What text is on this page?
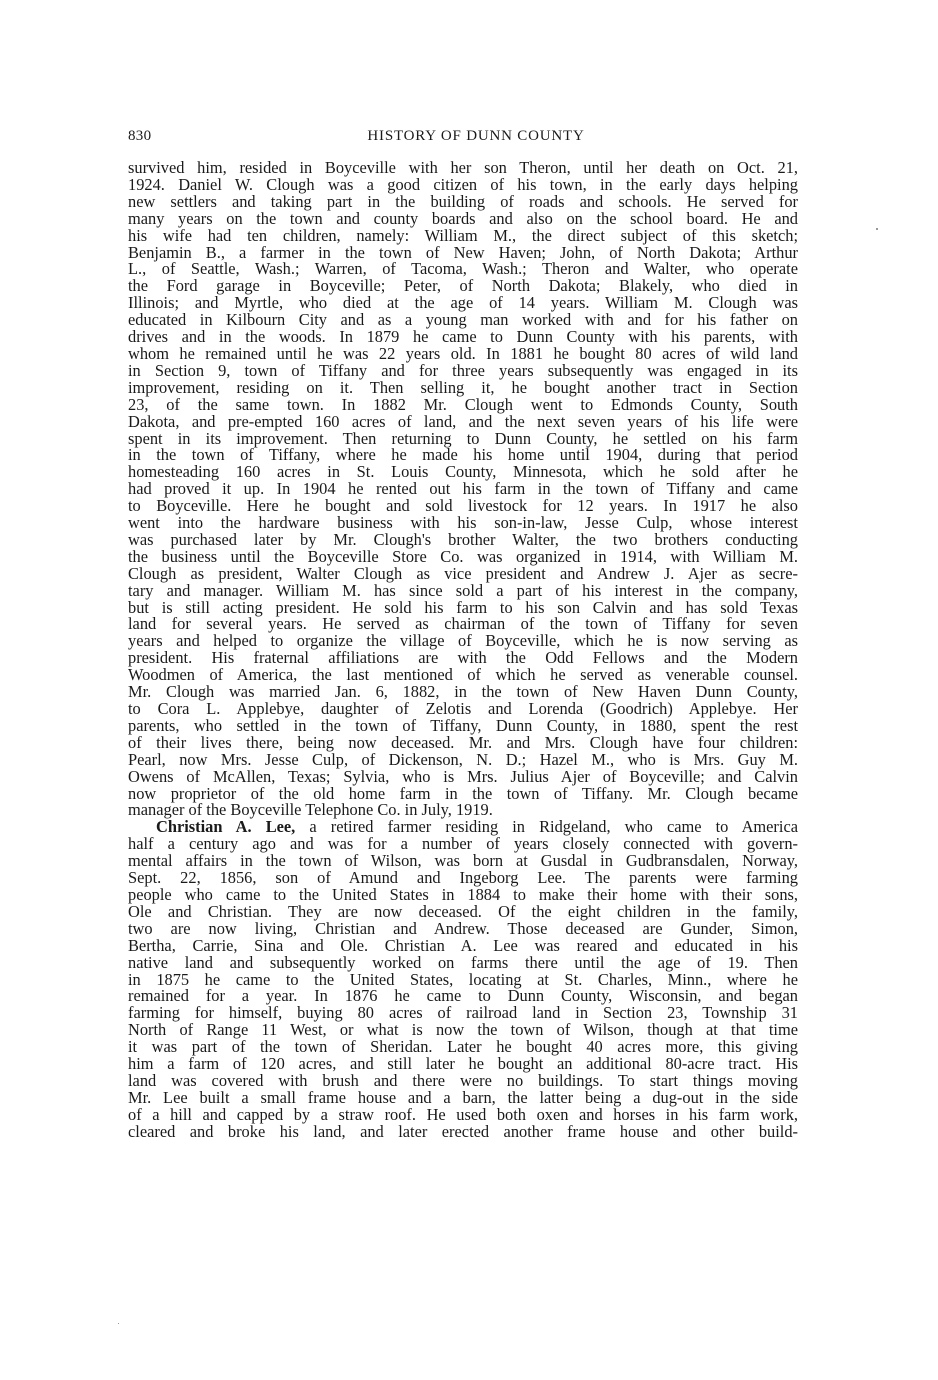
830	HISTORY OF DUNN COUNTY
survived him, resided in Boyceville with her son Theron, until her death on Oct. 21,
1924. Daniel W. Clough was a good citizen of his town, in the early days helping
new settlers and taking part in the building of roads and schools. He served for
many years on the town and county boards and also on the school board. He and
his wife had ten children, namely: William M., the direct subject of this sketch;
Benjamin B., a farmer in the town of New Haven; John, of North Dakota; Arthur
L., of Seattle, Wash.; Warren, of Tacoma, Wash.; Theron and Walter, who operate
the Ford garage in Boyceville; Peter, of North Dakota; Blakely, who died in
Illinois; and Myrtle, who died at the age of 14 years. William M. Clough was
educated in Kilbourn City and as a young man worked with and for his father on
drives and in the woods. In 1879 he came to Dunn County with his parents, with
whom he remained until he was 22 years old. In 1881 he bought 80 acres of wild land
in Section 9, town of Tiffany and for three years subsequently was engaged in its
improvement, residing on it. Then selling it, he bought another tract in Section
23, of the same town. In 1882 Mr. Clough went to Edmonds County, South
Dakota, and pre-empted 160 acres of land, and the next seven years of his life were
spent in its improvement. Then returning to Dunn County, he settled on his farm
in the town of Tiffany, where he made his home until 1904, during that period
homesteading 160 acres in St. Louis County, Minnesota, which he sold after he
had proved it up. In 1904 he rented out his farm in the town of Tiffany and came
to Boyceville. Here he bought and sold livestock for 12 years. In 1917 he also
went into the hardware business with his son-in-law, Jesse Culp, whose interest
was purchased later by Mr. Clough's brother Walter, the two brothers conducting
the business until the Boyceville Store Co. was organized in 1914, with William M.
Clough as president, Walter Clough as vice president and Andrew J. Ajer as secre-
tary and manager. William M. has since sold a part of his interest in the company,
but is still acting president. He sold his farm to his son Calvin and has sold Texas
land for several years. He served as chairman of the town of Tiffany for seven
years and helped to organize the village of Boyceville, which he is now serving as
president. His fraternal affiliations are with the Odd Fellows and the Modern
Woodmen of America, the last mentioned of which he served as venerable counsel.
Mr. Clough was married Jan. 6, 1882, in the town of New Haven Dunn County,
to Cora L. Applebye, daughter of Zelotis and Lorenda (Goodrich) Applebye. Her
parents, who settled in the town of Tiffany, Dunn County, in 1880, spent the rest
of their lives there, being now deceased. Mr. and Mrs. Clough have four children:
Pearl, now Mrs. Jesse Culp, of Dickenson, N. D.; Hazel M., who is Mrs. Guy M.
Owens of McAllen, Texas; Sylvia, who is Mrs. Julius Ajer of Boyceville; and Calvin
now proprietor of the old home farm in the town of Tiffany. Mr. Clough became
manager of the Boyceville Telephone Co. in July, 1919.
Christian A. Lee, a retired farmer residing in Ridgeland, who came to America
half a century ago and was for a number of years closely connected with govern-
mental affairs in the town of Wilson, was born at Gusdal in Gudbransdalen, Norway,
Sept. 22, 1856, son of Amund and Ingeborg Lee. The parents were farming
people who came to the United States in 1884 to make their home with their sons,
Ole and Christian. They are now deceased. Of the eight children in the family,
two are now living, Christian and Andrew. Those deceased are Gunder, Simon,
Bertha, Carrie, Sina and Ole. Christian A. Lee was reared and educated in his
native land and subsequently worked on farms there until the age of 19. Then
in 1875 he came to the United States, locating at St. Charles, Minn., where he
remained for a year. In 1876 he came to Dunn County, Wisconsin, and began
farming for himself, buying 80 acres of railroad land in Section 23, Township 31
North of Range 11 West, or what is now the town of Wilson, though at that time
it was part of the town of Sheridan. Later he bought 40 acres more, this giving
him a farm of 120 acres, and still later he bought an additional 80-acre tract. His
land was covered with brush and there were no buildings. To start things moving
Mr. Lee built a small frame house and a barn, the latter being a dug-out in the side
of a hill and capped by a straw roof. He used both oxen and horses in his farm work,
cleared and broke his land, and later erected another frame house and other build-
